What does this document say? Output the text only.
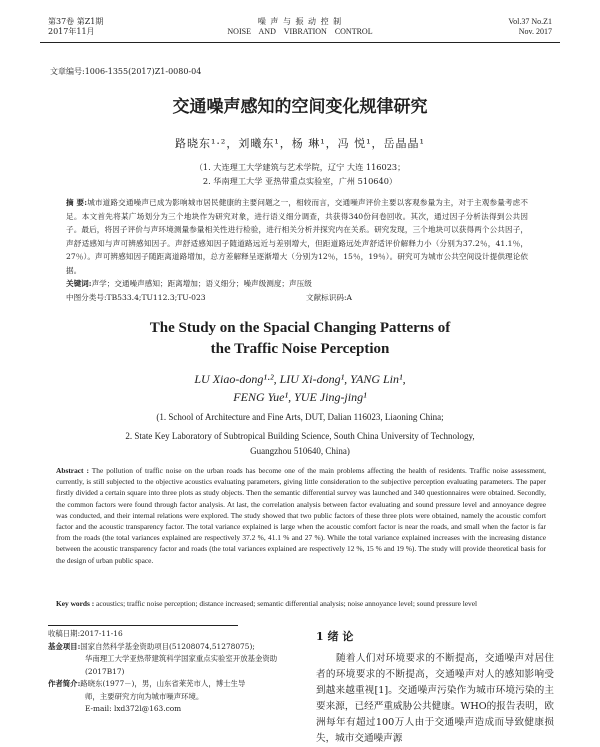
第37卷 第Z1期
2017年11月
噪 声 与 振 动 控 制
NOISE AND VIBRATION CONTROL
Vol.37 No.Z1
Nov. 2017
文章编号:1006-1355(2017)Z1-0080-04
交通噪声感知的空间变化规律研究
路晓东¹·²，刘曦东¹，杨 琳¹，冯 悦¹，岳晶晶¹
（1. 大连理工大学建筑与艺术学院，辽宁 大连 116023；
2. 华南理工大学 亚热带重点实验室，广州 510640）
摘 要:城市道路交通噪声已成为影响城市居民健康的主要问题之一，相较而言，交通噪声评价主要以客观参量为主，对于主观参量考虑不足。本文首先将某广场划分为三个地块作为研究对象，进行语义细分调查，共获得340份问卷回收。其次，通过因子分析法得到公共因子。最后，将因子评价与声环境测量参量相关性进行检验，进行相关分析并探究内在关系。研究发现，三个地块可以获得两个公共因子，声舒适感知与声可辨感知因子。声舒适感知因子随道路远近与差别增大，但距道路远处声舒适评价解释力小（分别为37.2％，41.1％，27％）。声可辨感知因子随距离道路增加，总方差解释呈逐渐增大（分别为12％，15％，19％）。研究可为城市公共空间设计提供理论依据。
关键词:声学；交通噪声感知；距离增加；语义细分；噪声级测度；声压级
中图分类号:TB533.4;TU112.3;TU-023	文献标识码:A
The Study on the Spacial Changing Patterns of
the Traffic Noise Perception
LU Xiao-dong¹·², LIU Xi-dong¹, YANG Lin¹,
FENG Yue¹, YUE Jing-jing¹
(1. School of Architecture and Fine Arts, DUT, Dalian 116023, Liaoning China;
2. State Key Laboratory of Subtropical Building Science, South China University of Technology,
Guangzhou 510640, China)
Abstract : The pollution of traffic noise on the urban roads has become one of the main problems affecting the health of residents. Traffic noise assessment, currently, is still subjected to the objective acoustics evaluating parameters, giving little consideration to the subjective perception evaluating parameters. The paper firstly divided a certain square into three plots as study objects. Then the semantic differential survey was launched and 340 questionnaires were obtained. Secondly, the common factors were found through factor analysis. At last, the correlation analysis between factor evaluating and sound pressure level and annoyance degree was conducted, and their internal relations were explored. The study showed that two public factors of these three plots were obtained, namely the acoustic comfort factor and the acoustic transparency factor. The total variance explained is large when the acoustic comfort factor is near the roads, and small when the factor is far from the roads (the total variances explained are respectively 37.2 %, 41.1 % and 27 %). While the total variance explained increases with the increasing distance between the acoustic transparency factor and roads (the total variances explained are respectively 12 %, 15 % and 19 %). The study will provide theoretical basis for the design of urban public space.
Key words : acoustics; traffic noise perception; distance increased; semantic differential analysis; noise annoyance level; sound pressure level
收稿日期:2017-11-16
基金项目:国家自然科学基金资助项目(51208074,51278075);
华南理工大学亚热带建筑科学国家重点实验室开放基金资助
(2017B17)
作者简介:路晓东(1977－)，男，山东省莱芜市人，博士生导
师，主要研究方向为城市噪声环境。
E-mail: lxd372l@163.com
1 绪 论
随着人们对环境要求的不断提高，交通噪声对居住者的环境要求的不断提高，交通噪声对人的感知影响受到越来越重视[1]。交通噪声污染作为城市环境污染的主要来源，已经严重威胁公共健康。WHO的报告表明，欧洲每年有超过100万人由于交通噪声造成而导致健康损失，城市交通噪声源
